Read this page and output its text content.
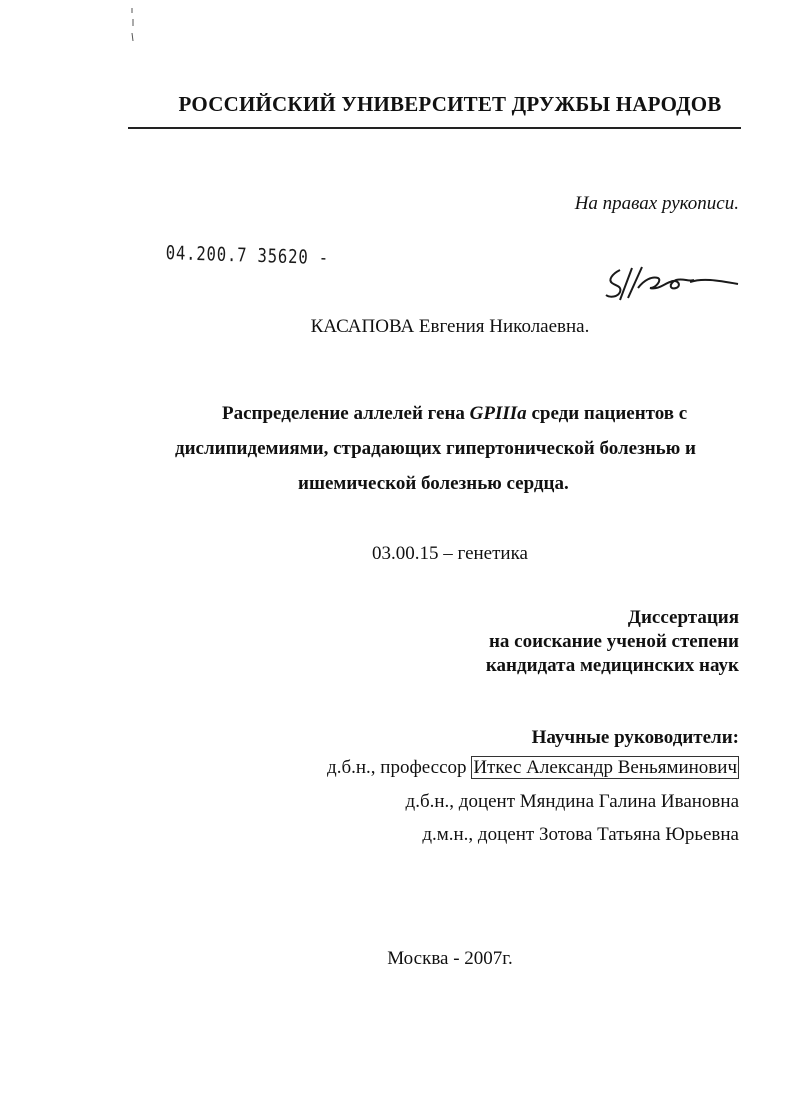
РОССИЙСКИЙ УНИВЕРСИТЕТ ДРУЖБЫ НАРОДОВ
На правах рукописи.
04.200.7 35620 -
КАСАПОВА Евгения Николаевна.
Распределение аллелей гена GPIIIa среди пациентов с
дислипидемиями, страдающих гипертонической болезнью и
ишемической болезнью сердца.
03.00.15 – генетика
Диссертация
на соискание ученой степени
кандидата медицинских наук
Научные руководители:
д.б.н., профессор Иткес Александр Веньяминович
д.б.н., доцент Мяндина Галина Ивановна
д.м.н., доцент Зотова Татьяна Юрьевна
Москва - 2007г.
